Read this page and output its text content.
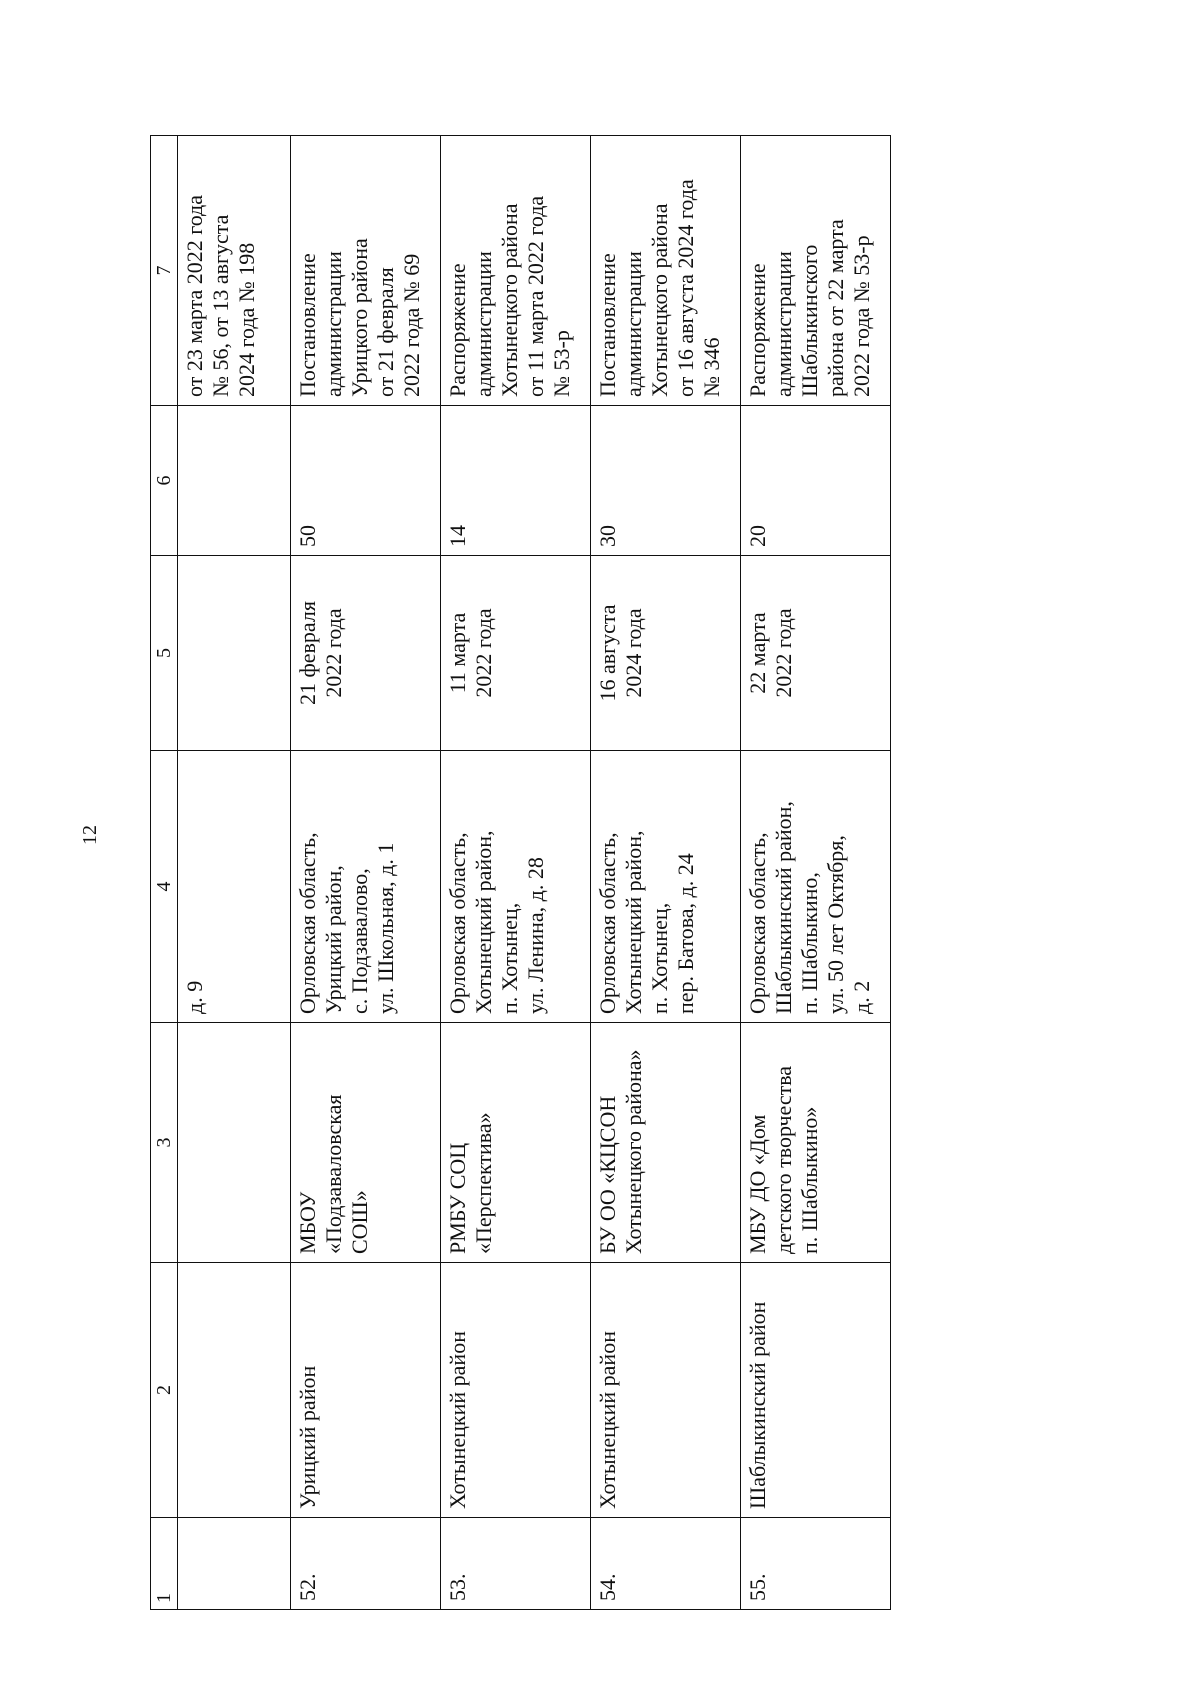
12
1	2	3	4	5	6	7
			д. 9			от 23 марта 2022 года
№ 56, от 13 августа
2024 года № 198
52.	Урицкий район	МБОУ
«Подзаваловская
СОШ»	Орловская область,
Урицкий район,
с. Подзавалово,
ул. Школьная, д. 1	21 февраля
2022 года	50	Постановление
администрации
Урицкого района
от 21 февраля
2022 года № 69
53.	Хотынецкий район	РМБУ СОЦ
«Перспектива»	Орловская область,
Хотынецкий район,
п. Хотынец,
ул. Ленина, д. 28	11 марта
2022 года	14	Распоряжение
администрации
Хотынецкого района
от 11 марта 2022 года
№ 53-р
54.	Хотынецкий район	БУ ОО «КЦСОН
Хотынецкого района»	Орловская область,
Хотынецкий район,
п. Хотынец,
пер. Батова, д. 24	16 августа
2024 года	30	Постановление
администрации
Хотынецкого района
от 16 августа 2024 года
№ 346
55.	Шаблыкинский район	МБУ ДО «Дом
детского творчества
п. Шаблыкино»	Орловская область,
Шаблыкинский район,
п. Шаблыкино,
ул. 50 лет Октября,
д. 2	22 марта
2022 года	20	Распоряжение
администрации
Шаблыкинского
района от 22 марта
2022 года № 53-р
